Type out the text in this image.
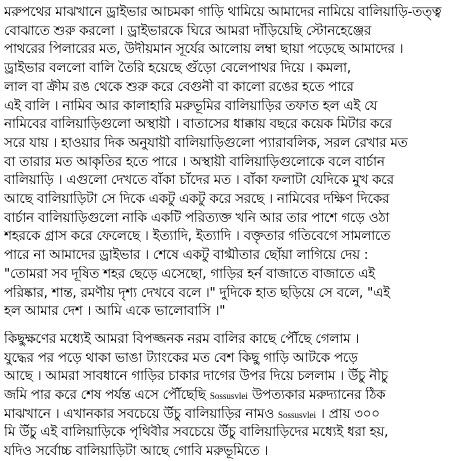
মরুপথের মাঝখানে ড্রাইভার আচমকা গাড়ি থামিয়ে আমাদের নামিয়ে বালিয়াড়ি-তত্ত্ব
বোঝাতে শুরু করলো । ড্রাইভারকে ঘিরে আমরা দাঁড়িয়েছি স্টোনহেঞ্জের
পাথরের পিলারের মত, উদীয়মান সূর্যের আলোয় লম্বা ছায়া পড়েছে আমাদের ।
ড্রাইভার বললো বালি তৈরি হয়েছে গুঁড়ো বেলেপাথর দিয়ে । কমলা,
লাল বা ক্রীম রঙ থেকে শুরু করে বেগুনী বা কালো রঙের হতে পারে
এই বালি । নামিব আর কালাহারি মরুভূমির বালিয়াড়ির তফাত হল এই যে
নামিবের বালিয়াড়িগুলো অস্থায়ী । বাতাসের ধাক্কায় বছরে কয়েক মিটার করে
সরে যায় । হাওয়ার দিক অনুযায়ী বালিয়াড়িগুলো প্যারাবলিক, সরল রেখার মত
বা তারার মত আকৃতির হতে পারে । অস্থায়ী বালিয়াড়িগুলোকে বলে বার্চান
বালিয়াড়ি । এগুলো দেখতে বাঁকা চাঁদের মত । বাঁকা ফলাটা যেদিকে মুখ করে
আছে বালিয়াড়িটা সে দিকে একটু একটু করে সরছে । নামিবের দক্ষিণ দিকের
বার্চান বালিয়াড়িগুলো নাকি একটি পরিত্যক্ত খনি আর তার পাশে গড়ে ওঠা
শহরকে গ্রাস করে ফেলেছে । ইত্যাদি, ইত্যাদি । বক্তৃতার গতিবেগে সামলাতে
পারে না আমাদের ড্রাইভার । শেষে একটু বাগ্মীতার ছোঁয়া লাগিয়ে দেয় :
"তোমরা সব দূষিত শহর ছেড়ে এসেছো, গাড়ির হর্ন বাজাতে বাজাতে এই
পরিষ্কার, শান্ত, রমণীয় দৃশ্য দেখবে বলে ।" দুদিকে হাত ছড়িয়ে সে বলে, "এই
হল আমার দেশ । আমি একে ভালোবাসি ।"
কিছুক্ষণের মধ্যেই আমরা বিপজ্জনক নরম বালির কাছে পৌঁছে গেলাম ।
যুদ্ধের পর পড়ে থাকা ভাঙা ট্যাংকের মত বেশ কিছু গাড়ি আটকে পড়ে
আছে । আমরা সাবধানে গাড়ির চাকার দাগের উপর দিয়ে চললাম । উঁচু নীচু
জমি পার করে শেষ পর্যন্ত এসে পৌঁছেছি Sossusvlei উপত্যকার মরুদ্যানের ঠিক
মাঝখানে । এখানকার সবচেয়ে উঁচু বালিয়াড়ির নামও Sossusvlei । প্রায় ৩০০
মি উঁচু এই বালিয়াড়িকে পৃথিবীর সবচেয়ে উঁচু বালিয়াড়িদের মধ্যেই ধরা হয়,
যদিও সর্বোচ্চ বালিয়াড়িটা আছে গোবি মরুভূমিতে ।
